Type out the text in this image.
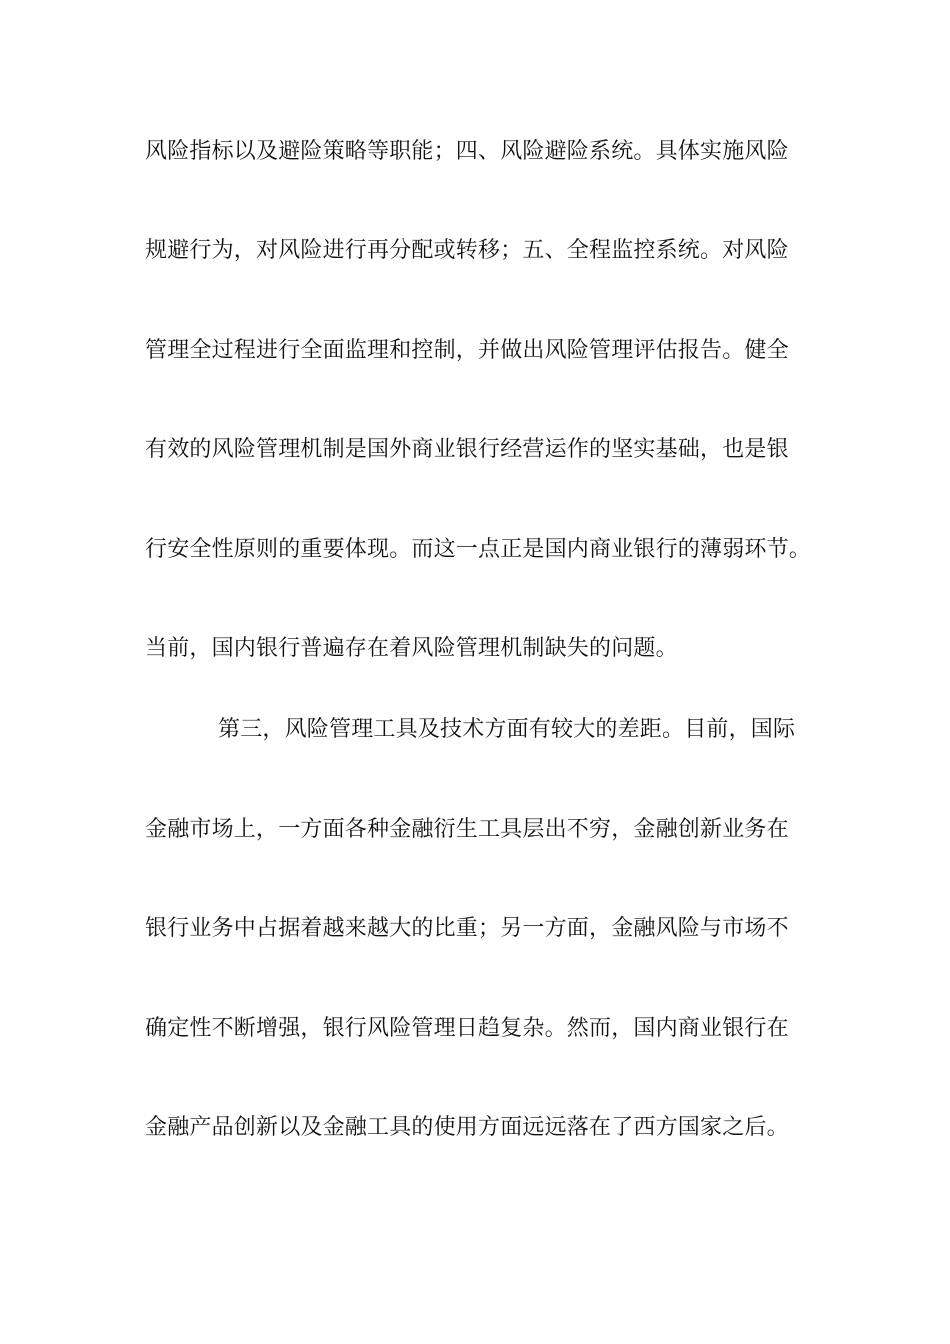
风险指标以及避险策略等职能；四、风险避险系统。具体实施风险
规避行为，对风险进行再分配或转移；五、全程监控系统。对风险
管理全过程进行全面监理和控制，并做出风险管理评估报告。健全
有效的风险管理机制是国外商业银行经营运作的坚实基础，也是银
行安全性原则的重要体现。而这一点正是国内商业银行的薄弱环节。
当前，国内银行普遍存在着风险管理机制缺失的问题。
第三，风险管理工具及技术方面有较大的差距。目前，国际
金融市场上，一方面各种金融衍生工具层出不穷，金融创新业务在
银行业务中占据着越来越大的比重；另一方面，金融风险与市场不
确定性不断增强，银行风险管理日趋复杂。然而，国内商业银行在
金融产品创新以及金融工具的使用方面远远落在了西方国家之后。
